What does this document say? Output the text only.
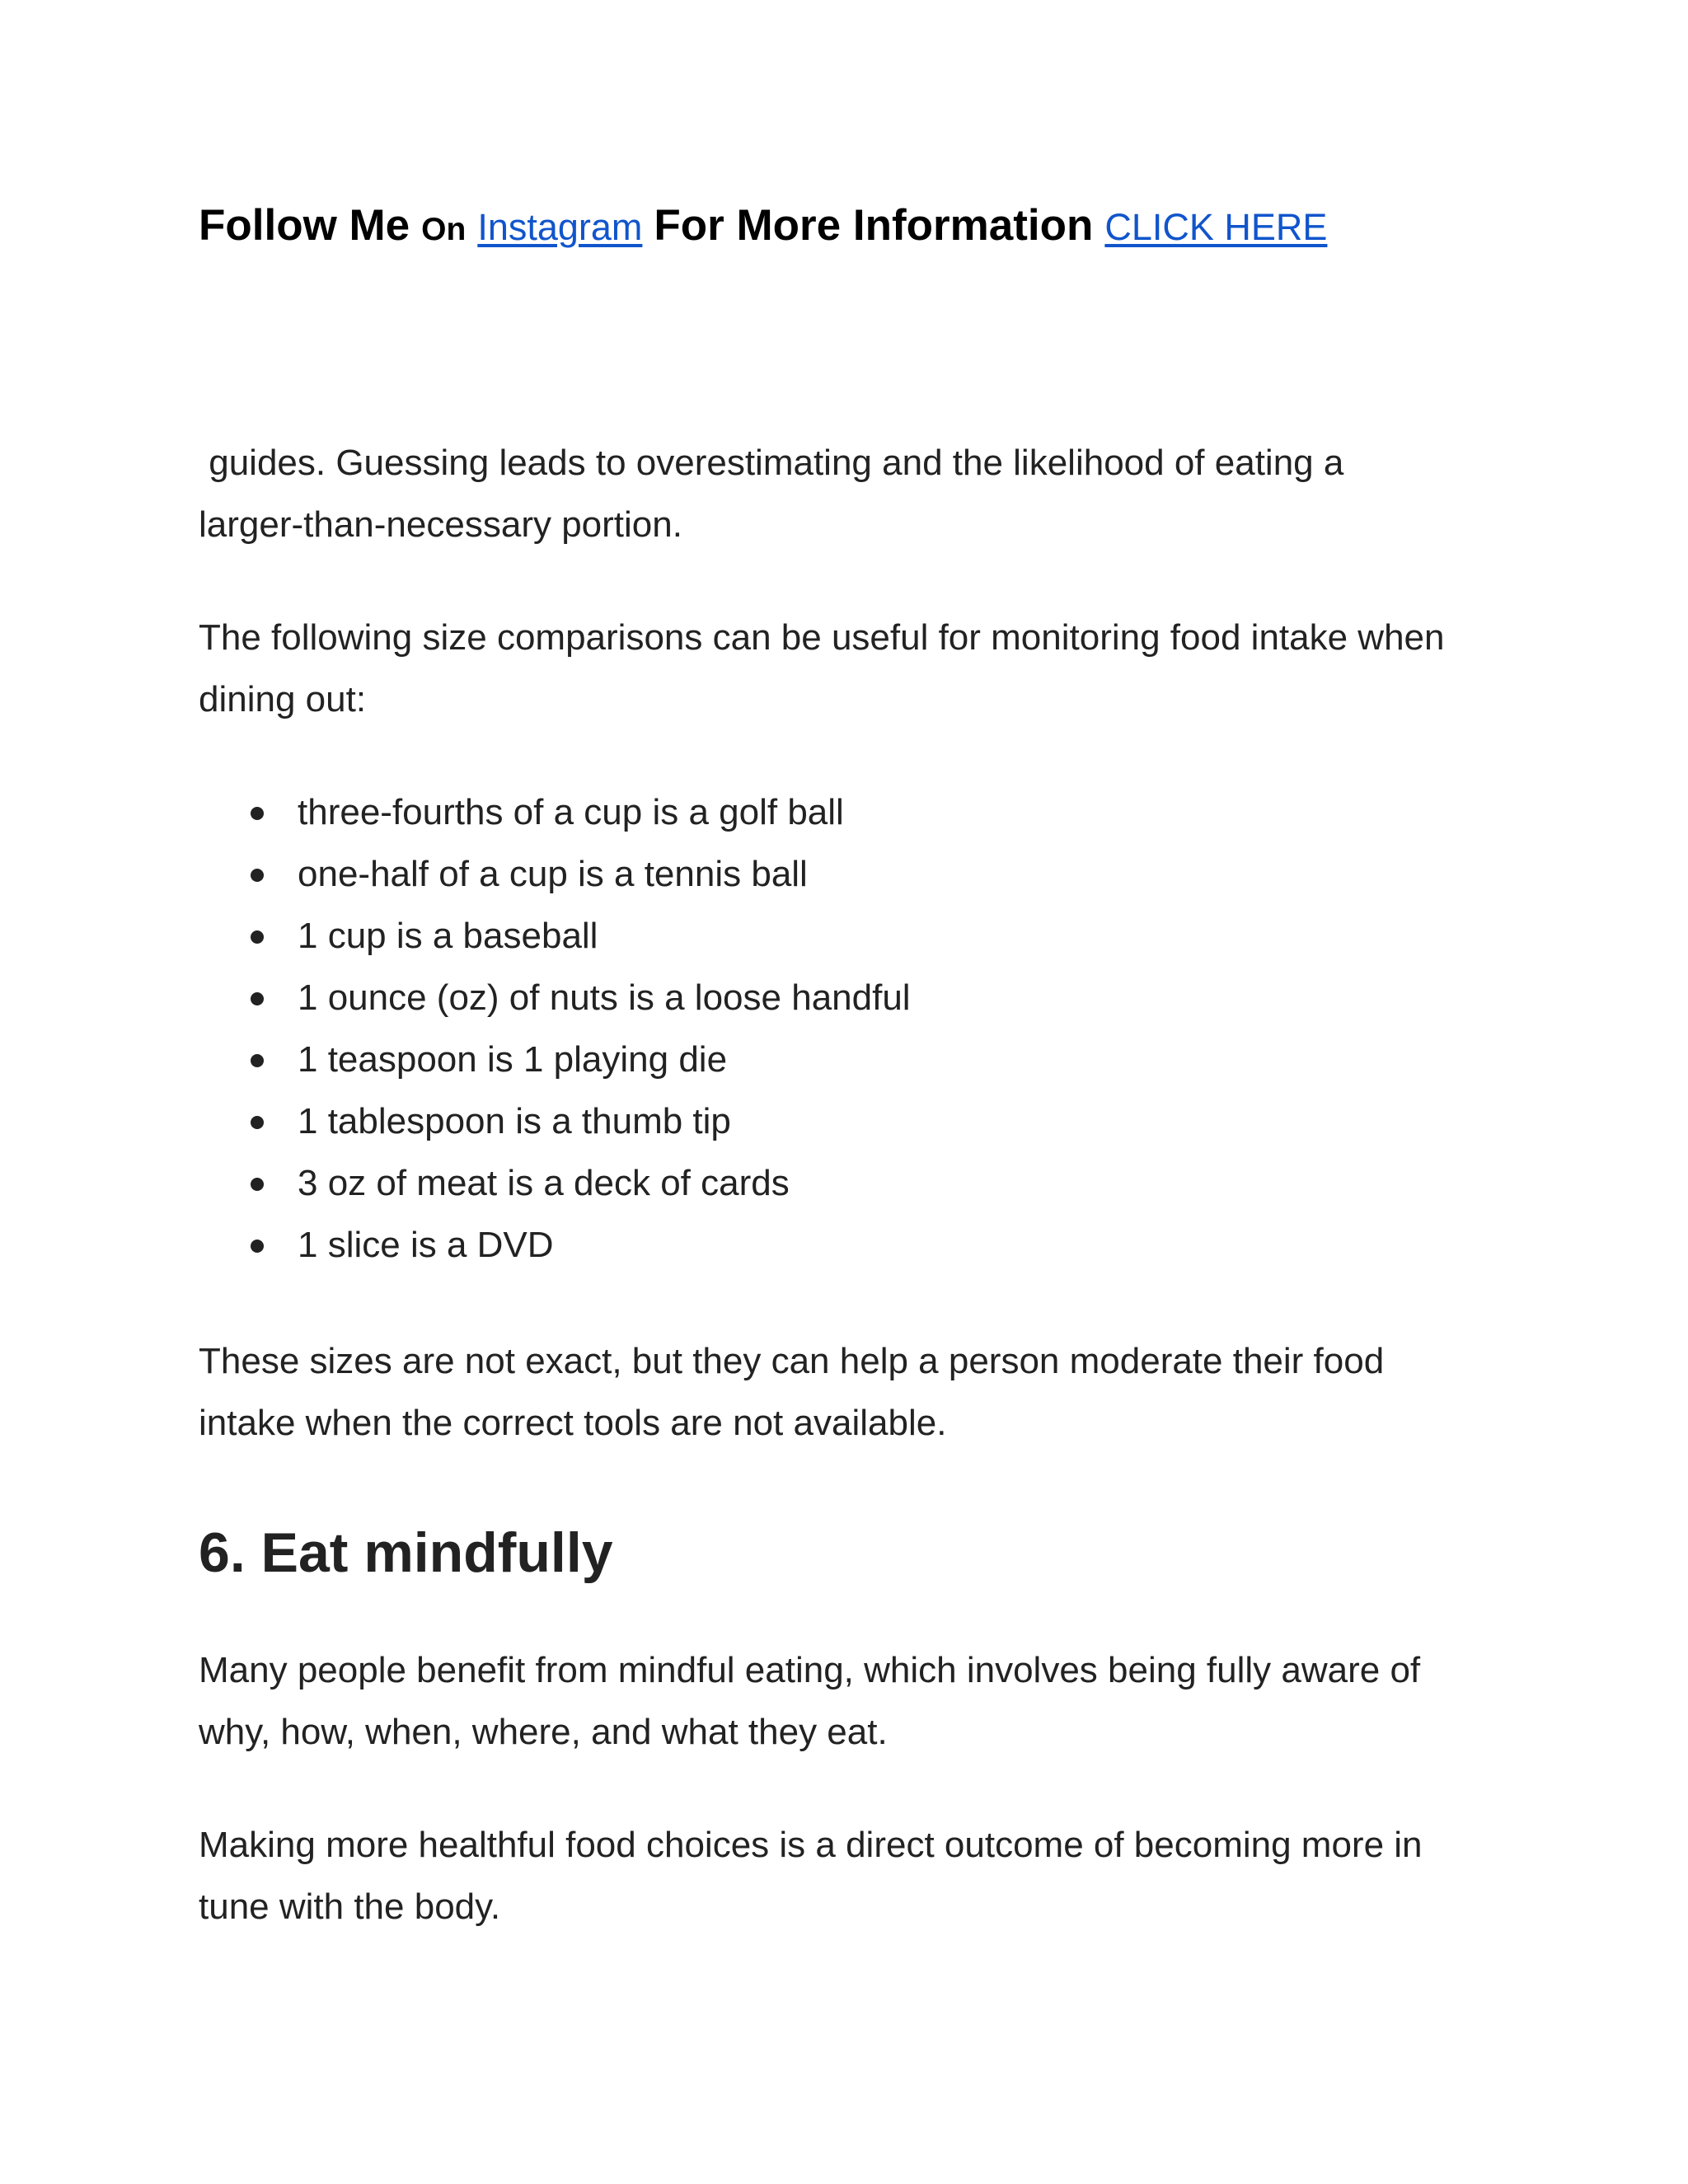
Follow Me On Instagram For More Information CLICK HERE

guides. Guessing leads to overestimating and the likelihood of eating a
larger-than-necessary portion.

The following size comparisons can be useful for monitoring food intake when
dining out:

three-fourths of a cup is a golf ball
one-half of a cup is a tennis ball
1 cup is a baseball
1 ounce (oz) of nuts is a loose handful
1 teaspoon is 1 playing die
1 tablespoon is a thumb tip
3 oz of meat is a deck of cards
1 slice is a DVD

These sizes are not exact, but they can help a person moderate their food
intake when the correct tools are not available.

6. Eat mindfully

Many people benefit from mindful eating, which involves being fully aware of
why, how, when, where, and what they eat.

Making more healthful food choices is a direct outcome of becoming more in
tune with the body.
